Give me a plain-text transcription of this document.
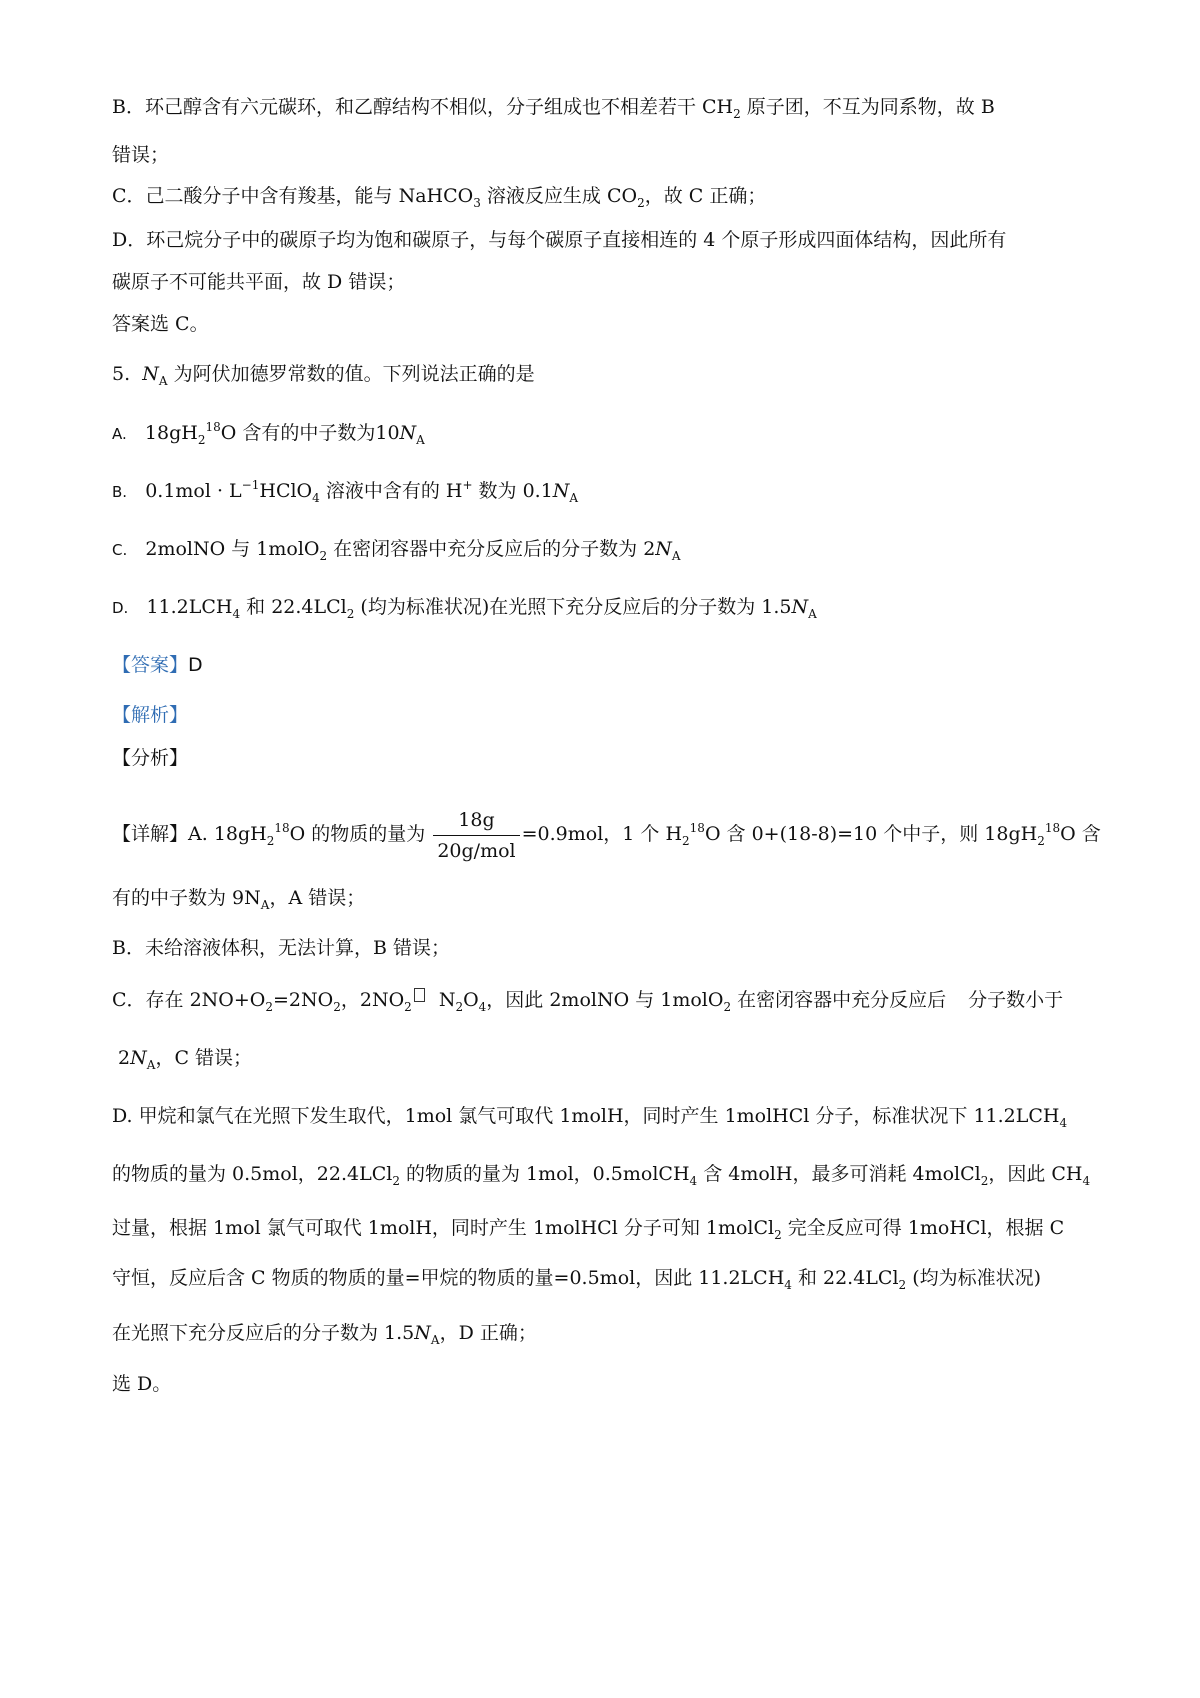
B．环己醇含有六元碳环，和乙醇结构不相似，分子组成也不相差若干 $CH_2$ 原子团，不互为同系物，故 B
错误；
C．己二酸分子中含有羧基，能与 NaHCO$_3$ 溶液反应生成 $CO_2$，故 C 正确；
D．环己烷分子中的碳原子均为饱和碳原子，与每个碳原子直接相连的 4 个原子形成四面体结构，因此所有
碳原子不可能共平面，故 D 错误；
答案选 C。
5. $N_A$ 为阿伏加德罗常数的值。下列说法正确的是
A. $18gH_2^{18}O$ 含有的中子数为$10N_A$
B. $0.1mol \cdot L^{-1}HClO_4$ 溶液中含有的 H+ 数为 $0.1N_A$
C. 2molNO 与 1molO$_2$ 在密闭容器中充分反应后的分子数为 $2N_A$
D. $11.2LCH_4$ 和 22.4LCl$_2$ (均为标准状况)在光照下充分反应后的分子数为 $1.5N_A$
【答案】D
【解析】
【分析】
【详解】A. $18gH_2^{18}O$ 的物质的量为 $\frac{18g}{\text{20g/mol}} =0.9mol$，1 个 $H_2^{18}O$ 含 0+(18-8)=10 个中子，则 $18gH_2^{18}O$ 含
有的中子数为 $9N_A$，A 错误；
B．未给溶液体积，无法计算，B 错误；
C．存在 $2NO+O_2=2NO_2$，$2NO_2$ $N_2O_4$，因此 2molNO 与 1molO$_2$ 在密闭容器中充分反应后 分子数小于
$2N_A$，C 错误；
D. 甲烷和氯气在光照下发生取代，1mol 氯气可取代 1molH，同时产生 1molHCl 分子，标准状况下 $11.2LCH_4$
的物质的量为 0.5mol，22.4LCl$_2$ 的物质的量为 1mol，0.5molCH$_4$ 含 4molH，最多可消耗 4molCl$_2$，因此 $CH_4$
过量，根据 1mol 氯气可取代 1molH，同时产生 1molHCl 分子可知 1molCl$_2$ 完全反应可得 1moHCl，根据 C
守恒，反应后含 C 物质的物质的量=甲烷的物质的量=0.5mol，因此 $11.2LCH_4$ 和 22.4LCl$_2$ (均为标准状况)
在光照下充分反应后的分子数为 $1.5N_A$，D 正确；
选 D。
